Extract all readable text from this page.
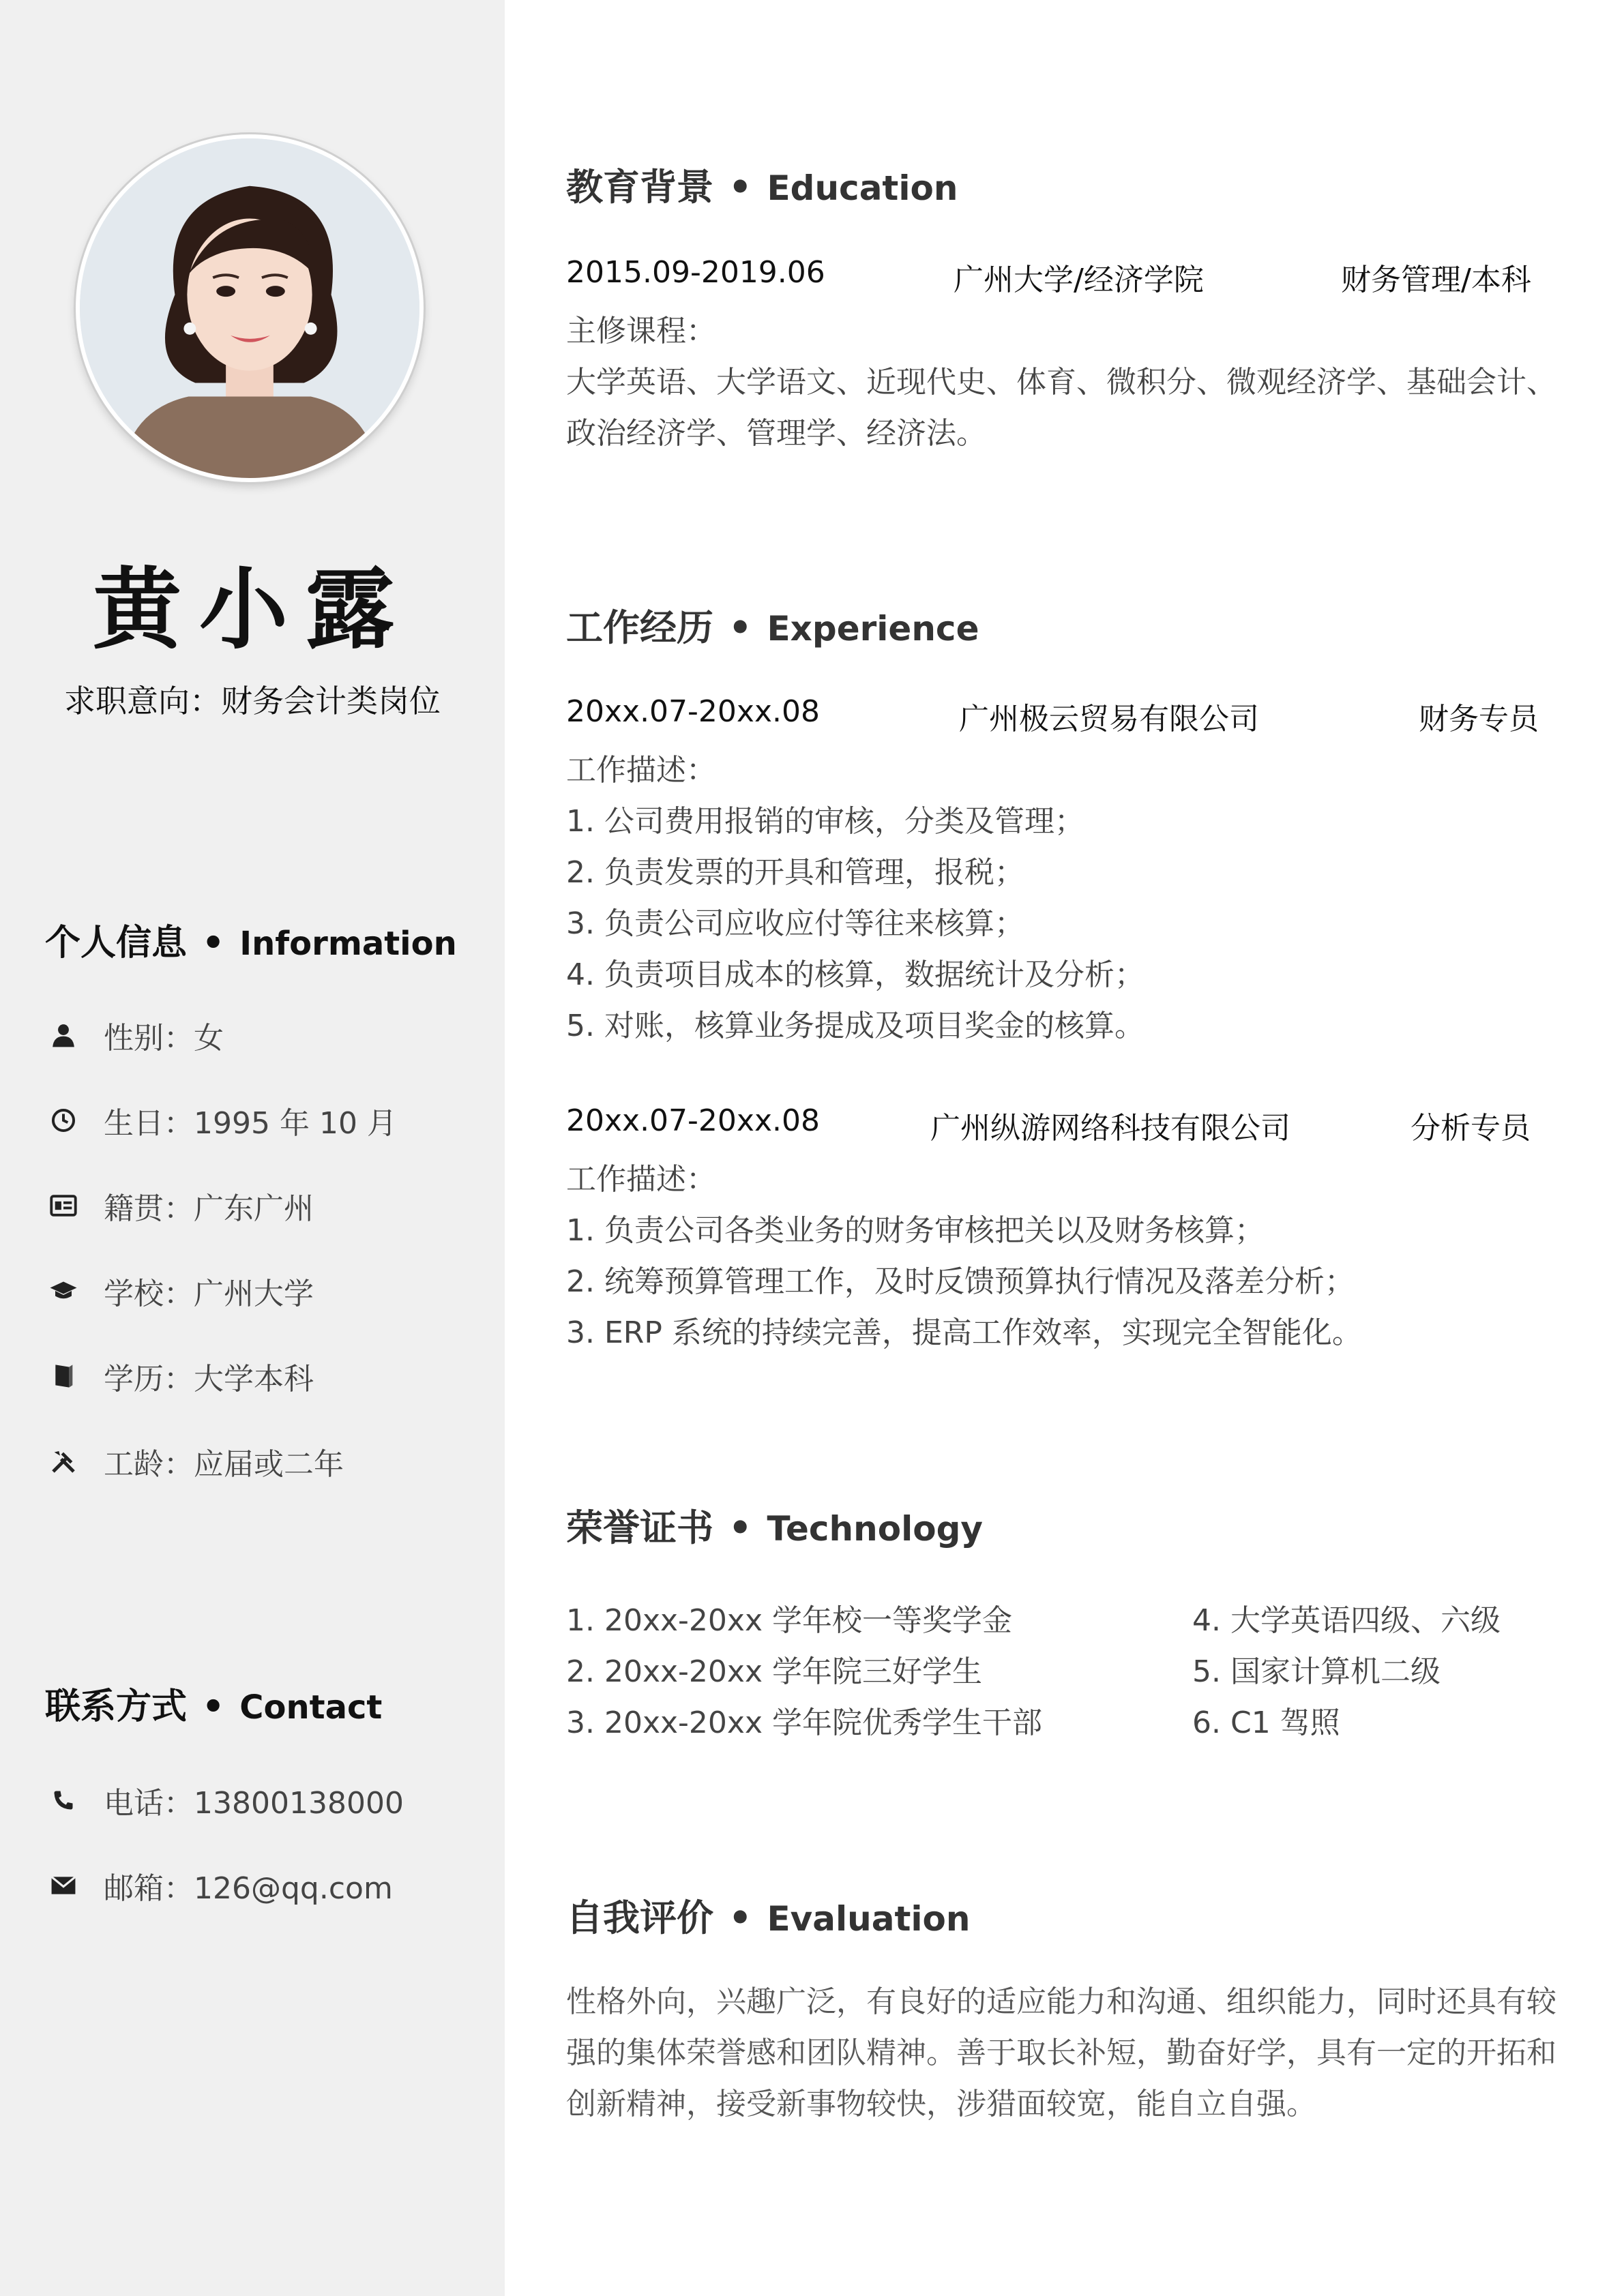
黄小露
求职意向：财务会计类岗位
个人信息 • Information
性别：女
生日：1995 年 10 月
籍贯：广东广州
学校：广州大学
学历：大学本科
工龄：应届或二年
联系方式 • Contact
电话：13800138000
邮箱：126@qq.com
教育背景 • Education
2015.09-2019.06	广州大学/经济学院	财务管理/本科
主修课程：
大学英语、大学语文、近现代史、体育、微积分、微观经济学、基础会计、
政治经济学、管理学、经济法。
工作经历 • Experience
20xx.07-20xx.08	广州极云贸易有限公司	财务专员
工作描述：
1. 公司费用报销的审核，分类及管理；
2. 负责发票的开具和管理，报税；
3. 负责公司应收应付等往来核算；
4. 负责项目成本的核算，数据统计及分析；
5. 对账，核算业务提成及项目奖金的核算。
20xx.07-20xx.08	广州纵游网络科技有限公司	分析专员
工作描述：
1. 负责公司各类业务的财务审核把关以及财务核算；
2. 统筹预算管理工作，及时反馈预算执行情况及落差分析；
3. ERP 系统的持续完善，提高工作效率，实现完全智能化。
荣誉证书 • Technology
1. 20xx-20xx 学年校一等奖学金
2. 20xx-20xx 学年院三好学生
3. 20xx-20xx 学年院优秀学生干部
4. 大学英语四级、六级
5. 国家计算机二级
6. C1 驾照
自我评价 • Evaluation
性格外向，兴趣广泛，有良好的适应能力和沟通、组织能力，同时还具有较强的集体荣誉感和团队精神。善于取长补短，勤奋好学，具有一定的开拓和创新精神，接受新事物较快，涉猎面较宽，能自立自强。
